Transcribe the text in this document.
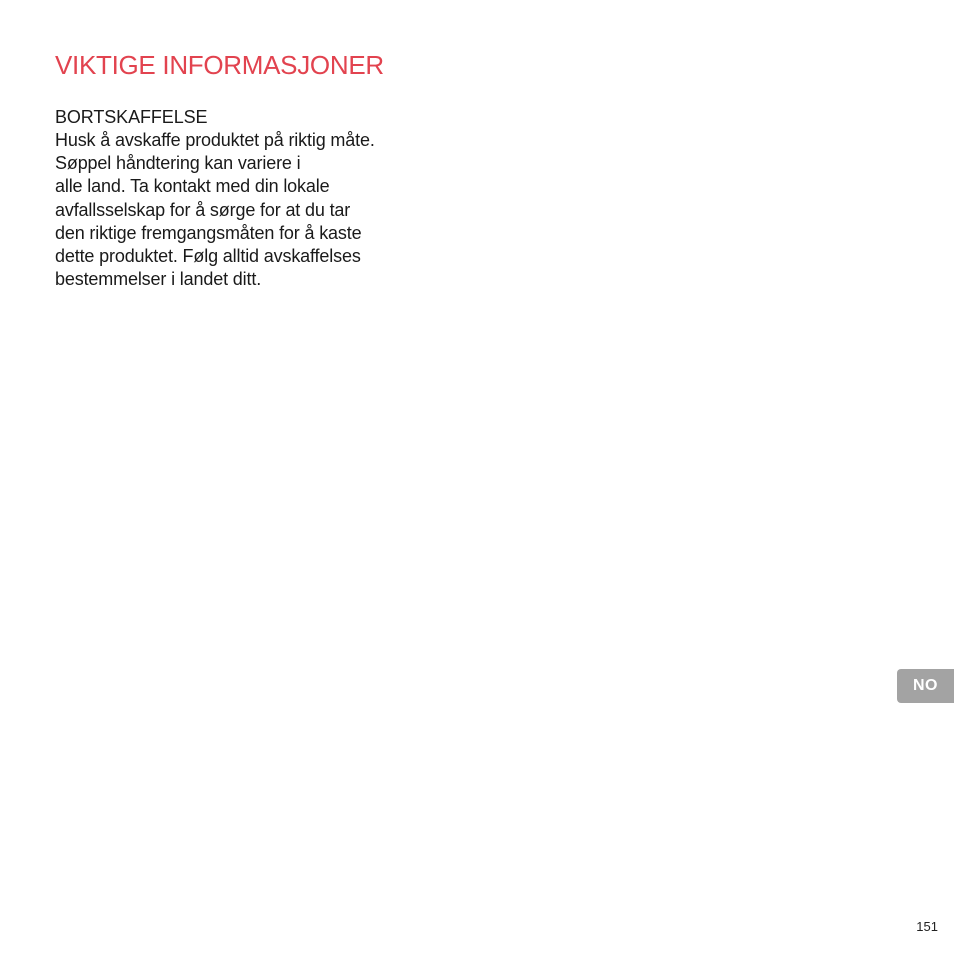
VIKTIGE INFORMASJONER
BORTSKAFFELSE

Husk å avskaffe produktet på riktig måte.
Søppel håndtering kan variere i
alle land. Ta kontakt med din lokale
avfallsselskap for å sørge for at du tar
den riktige fremgangsmåten for å kaste
dette produktet. Følg alltid avskaffelses
bestemmelser i landet ditt.

NO
151
